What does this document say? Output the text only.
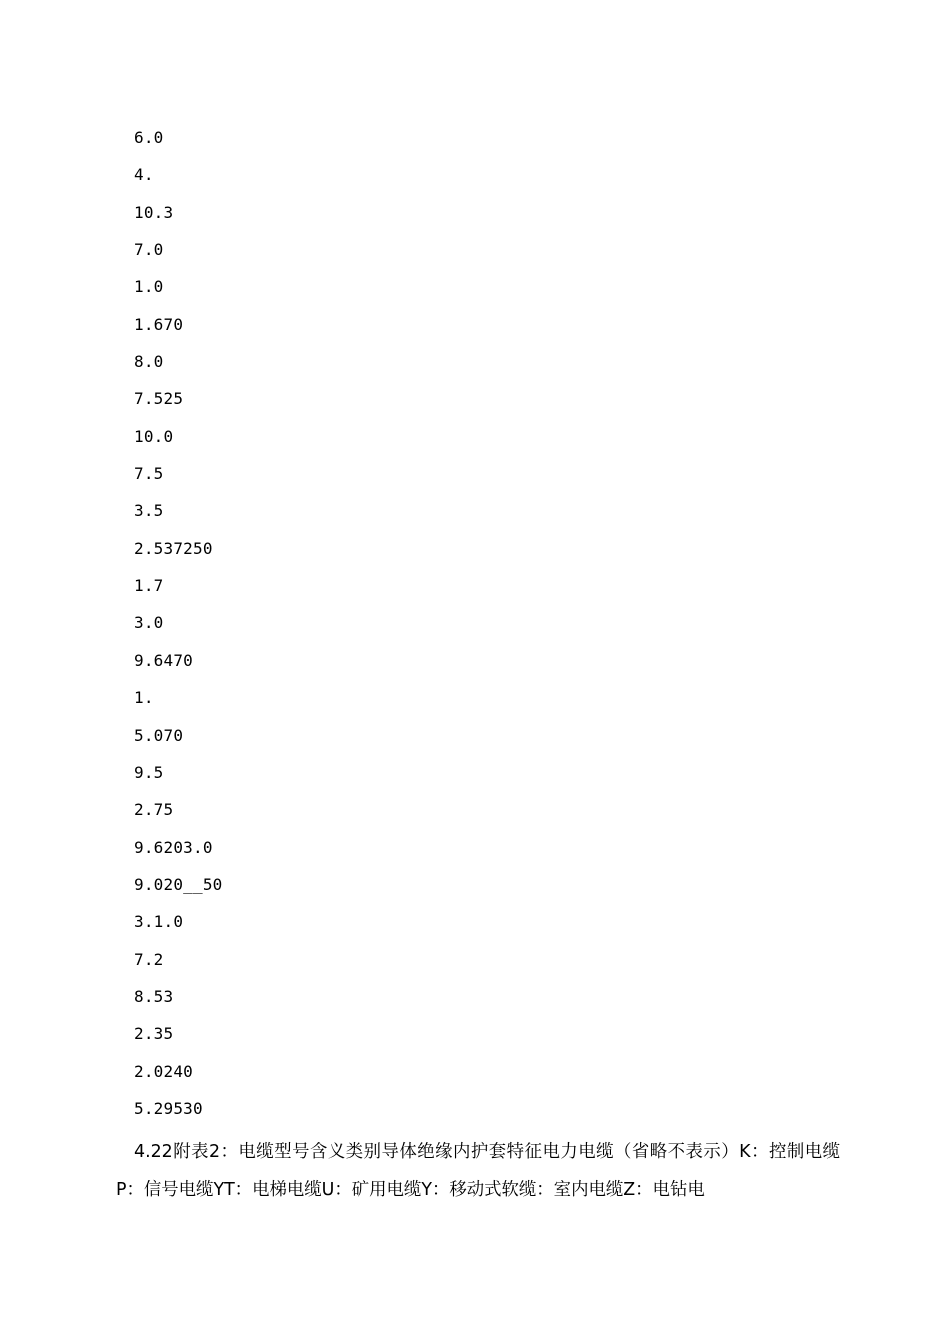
6.0
4.
10.3
7.0
1.0
1.670
8.0
7.525
10.0
7.5
3.5
2.537250
1.7
3.0
9.6470
1.
5.070
9.5
2.75
9.6203.0
9.020__50
3.1.0
7.2
8.53
2.35
2.0240
5.29530

4.22附表2：电缆型号含义类别导体绝缘内护套特征电力电缆（省略不表示）K：控制电缆P：信号电缆YT：电梯电缆U：矿用电缆Y：移动式软缆：室内电缆Z：电钻电
